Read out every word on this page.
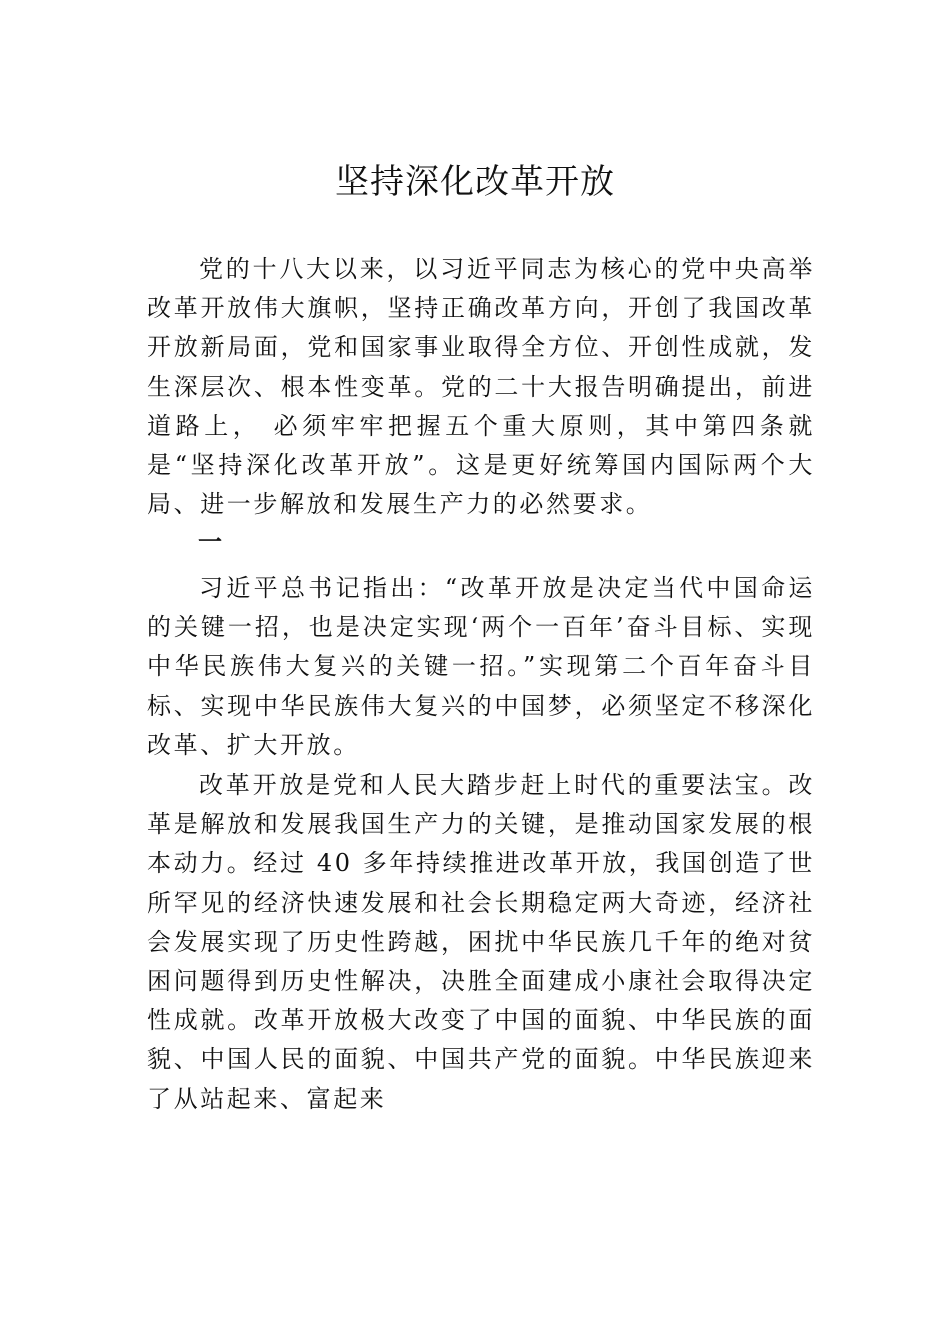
坚持深化改革开放

党的十八大以来，以习近平同志为核心的党中央高举改革开放伟大旗帜，坚持正确改革方向，开创了我国改革开放新局面，党和国家事业取得全方位、开创性成就，发生深层次、根本性变革。党的二十大报告明确提出，前进道路上， 必须牢牢把握五个重大原则，其中第四条就是“坚持深化改革开放”。这是更好统筹国内国际两个大局、进一步解放和发展生产力的必然要求。

一

习近平总书记指出：“改革开放是决定当代中国命运的关键一招，也是决定实现‘两个一百年’奋斗目标、实现中华民族伟大复兴的关键一招。”实现第二个百年奋斗目标、实现中华民族伟大复兴的中国梦，必须坚定不移深化改革、扩大开放。

改革开放是党和人民大踏步赶上时代的重要法宝。改革是解放和发展我国生产力的关键，是推动国家发展的根本动力。经过 40 多年持续推进改革开放，我国创造了世所罕见的经济快速发展和社会长期稳定两大奇迹，经济社会发展实现了历史性跨越，困扰中华民族几千年的绝对贫困问题得到历史性解决，决胜全面建成小康社会取得决定性成就。改革开放极大改变了中国的面貌、中华民族的面貌、中国人民的面貌、中国共产党的面貌。中华民族迎来了从站起来、富起来
